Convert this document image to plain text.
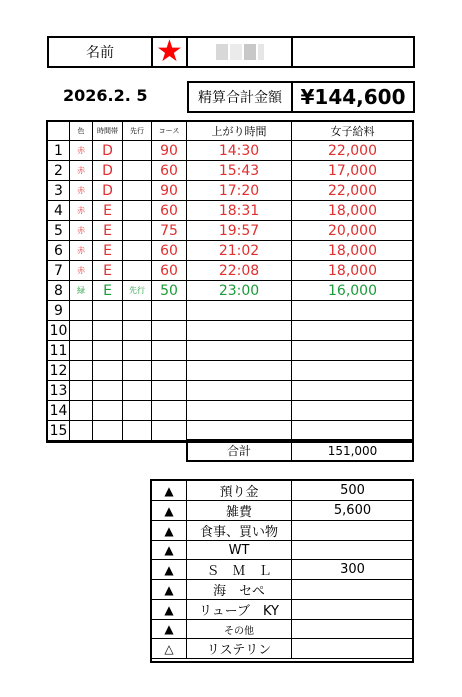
名前	★		
2026.2. 5	精算合計金額	¥144,600
	色	時間帯	先行	コース	上がり時間	女子給料
1	赤	D		90	14:30	22,000
2	赤	D		60	15:43	17,000
3	赤	D		90	17:20	22,000
4	赤	E		60	18:31	18,000
5	赤	E		75	19:57	20,000
6	赤	E		60	21:02	18,000
7	赤	E		60	22:08	18,000
8	緑	E	先行	50	23:00	16,000
9						
10						
11						
12						
13						
14						
15						
					合計	151,000
▲	預り金	500
▲	雑費	5,600
▲	食事、買い物	
▲	WT	
▲	Ｓ　Ｍ　Ｌ	300
▲	海　セペ	
▲	リューブ　KY	
▲	その他	
△	リステリン	
